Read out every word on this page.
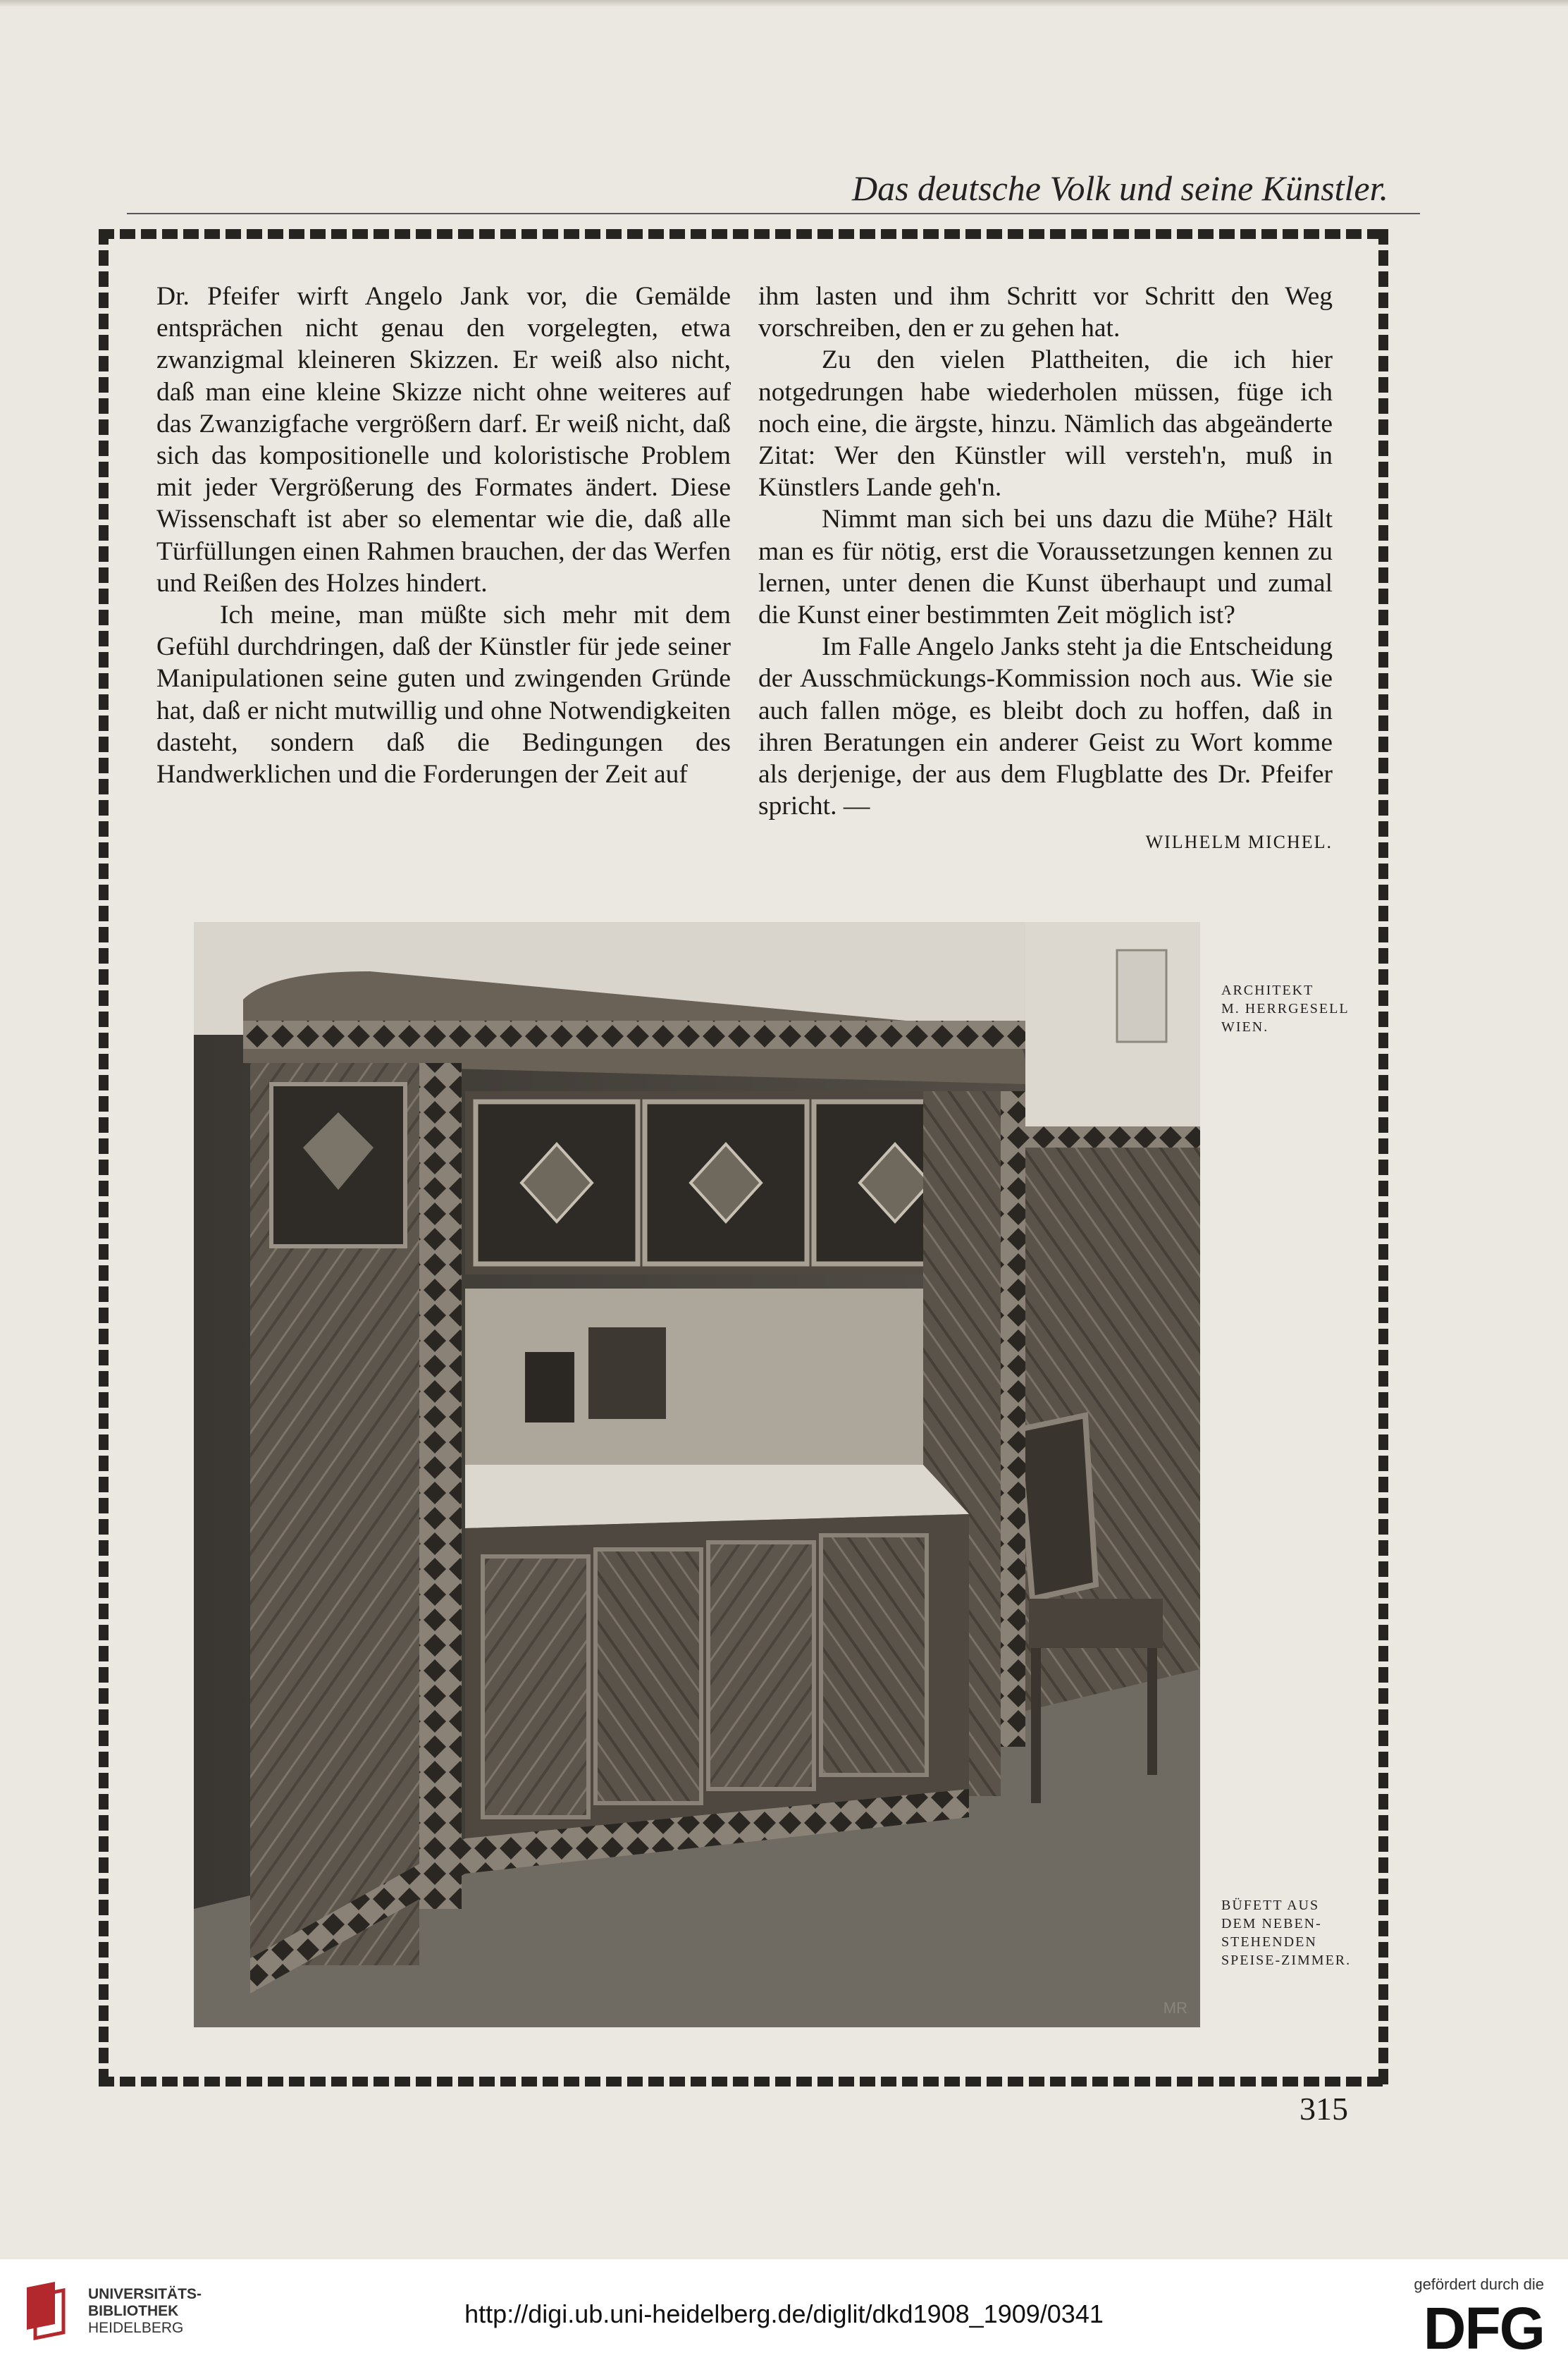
Das deutsche Volk und seine Künstler.

Dr. Pfeifer wirft Angelo Jank vor, die Gemälde entsprächen nicht genau den vorgelegten, etwa zwanzigmal kleineren Skizzen. Er weiß also nicht, daß man eine kleine Skizze nicht ohne weiteres auf das Zwanzigfache vergrößern darf. Er weiß nicht, daß sich das kompositionelle und koloristische Problem mit jeder Vergrößerung des Formates ändert. Diese Wissenschaft ist aber so elementar wie die, daß alle Türfüllungen einen Rahmen brauchen, der das Werfen und Reißen des Holzes hindert.

Ich meine, man müßte sich mehr mit dem Gefühl durchdringen, daß der Künstler für jede seiner Manipulationen seine guten und zwingenden Gründe hat, daß er nicht mutwillig und ohne Notwendigkeiten dasteht, sondern daß die Bedingungen des Handwerklichen und die Forderungen der Zeit auf

ihm lasten und ihm Schritt vor Schritt den Weg vorschreiben, den er zu gehen hat.

Zu den vielen Plattheiten, die ich hier notgedrungen habe wiederholen müssen, füge ich noch eine, die ärgste, hinzu. Nämlich das abgeänderte Zitat: Wer den Künstler will versteh'n, muß in Künstlers Lande geh'n.

Nimmt man sich bei uns dazu die Mühe? Hält man es für nötig, erst die Voraussetzungen kennen zu lernen, unter denen die Kunst überhaupt und zumal die Kunst einer bestimmten Zeit möglich ist?

Im Falle Angelo Janks steht ja die Entscheidung der Ausschmückungs-Kommission noch aus. Wie sie auch fallen möge, es bleibt doch zu hoffen, daß in ihren Beratungen ein anderer Geist zu Wort komme als derjenige, der aus dem Flugblatte des Dr. Pfeifer spricht. —

WILHELM MICHEL.
MR
ARCHITEKT
M. HERRGESELL
WIEN.
BÜFETT AUS
DEM NEBEN-
STEHENDEN
SPEISE-ZIMMER.
315
UNIVERSITÄTS-
BIBLIOTHEK
HEIDELBERG	http://digi.ub.uni-heidelberg.de/diglit/dkd1908_1909/0341
gefördert durch die
DFG
